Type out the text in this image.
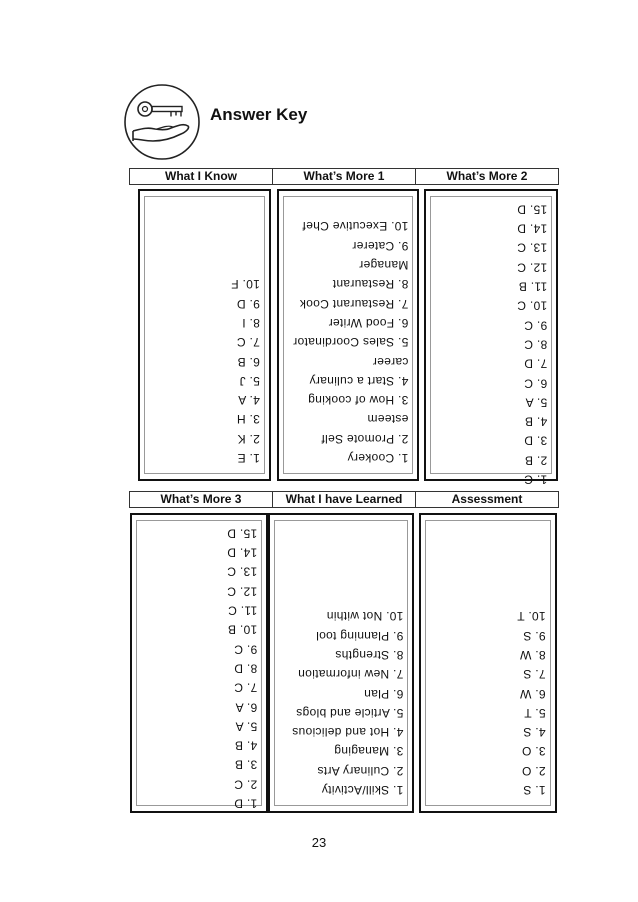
Answer Key
What I Know	What’s More 1	What’s More 2
1. E
2. K
3. H
4. A
5. J
6. B
7. C
8. I
9. D
10. F
1. Cookery
2. Promote Self
esteem
3. How of cooking
4. Start a culinary
career
5. Sales Coordinator
6. Food Writer
7. Restaurant Cook
8. Restaurant
Manager
9. Caterer
10. Executive Chef
1. C
2. B
3. D
4. B
5. A
6. C
7. D
8. C
9. C
10. C
11. B
12. C
13. C
14. D
15. D
What’s More 3	What I have Learned	Assessment
1. D
2. C
3. B
4. B
5. A
6. A
7. C
8. D
9. C
10. B
11. C
12. C
13. C
14. D
15. D
1. Skill/Activity
2. Culinary Arts
3. Managing
4. Hot and delicious
5. Article and blogs
6. Plan
7. New information
8. Strengths
9. Planning tool
10. Not within
1. S
2. O
3. O
4. S
5. T
6. W
7. S
8. W
9. S
10. T
23
